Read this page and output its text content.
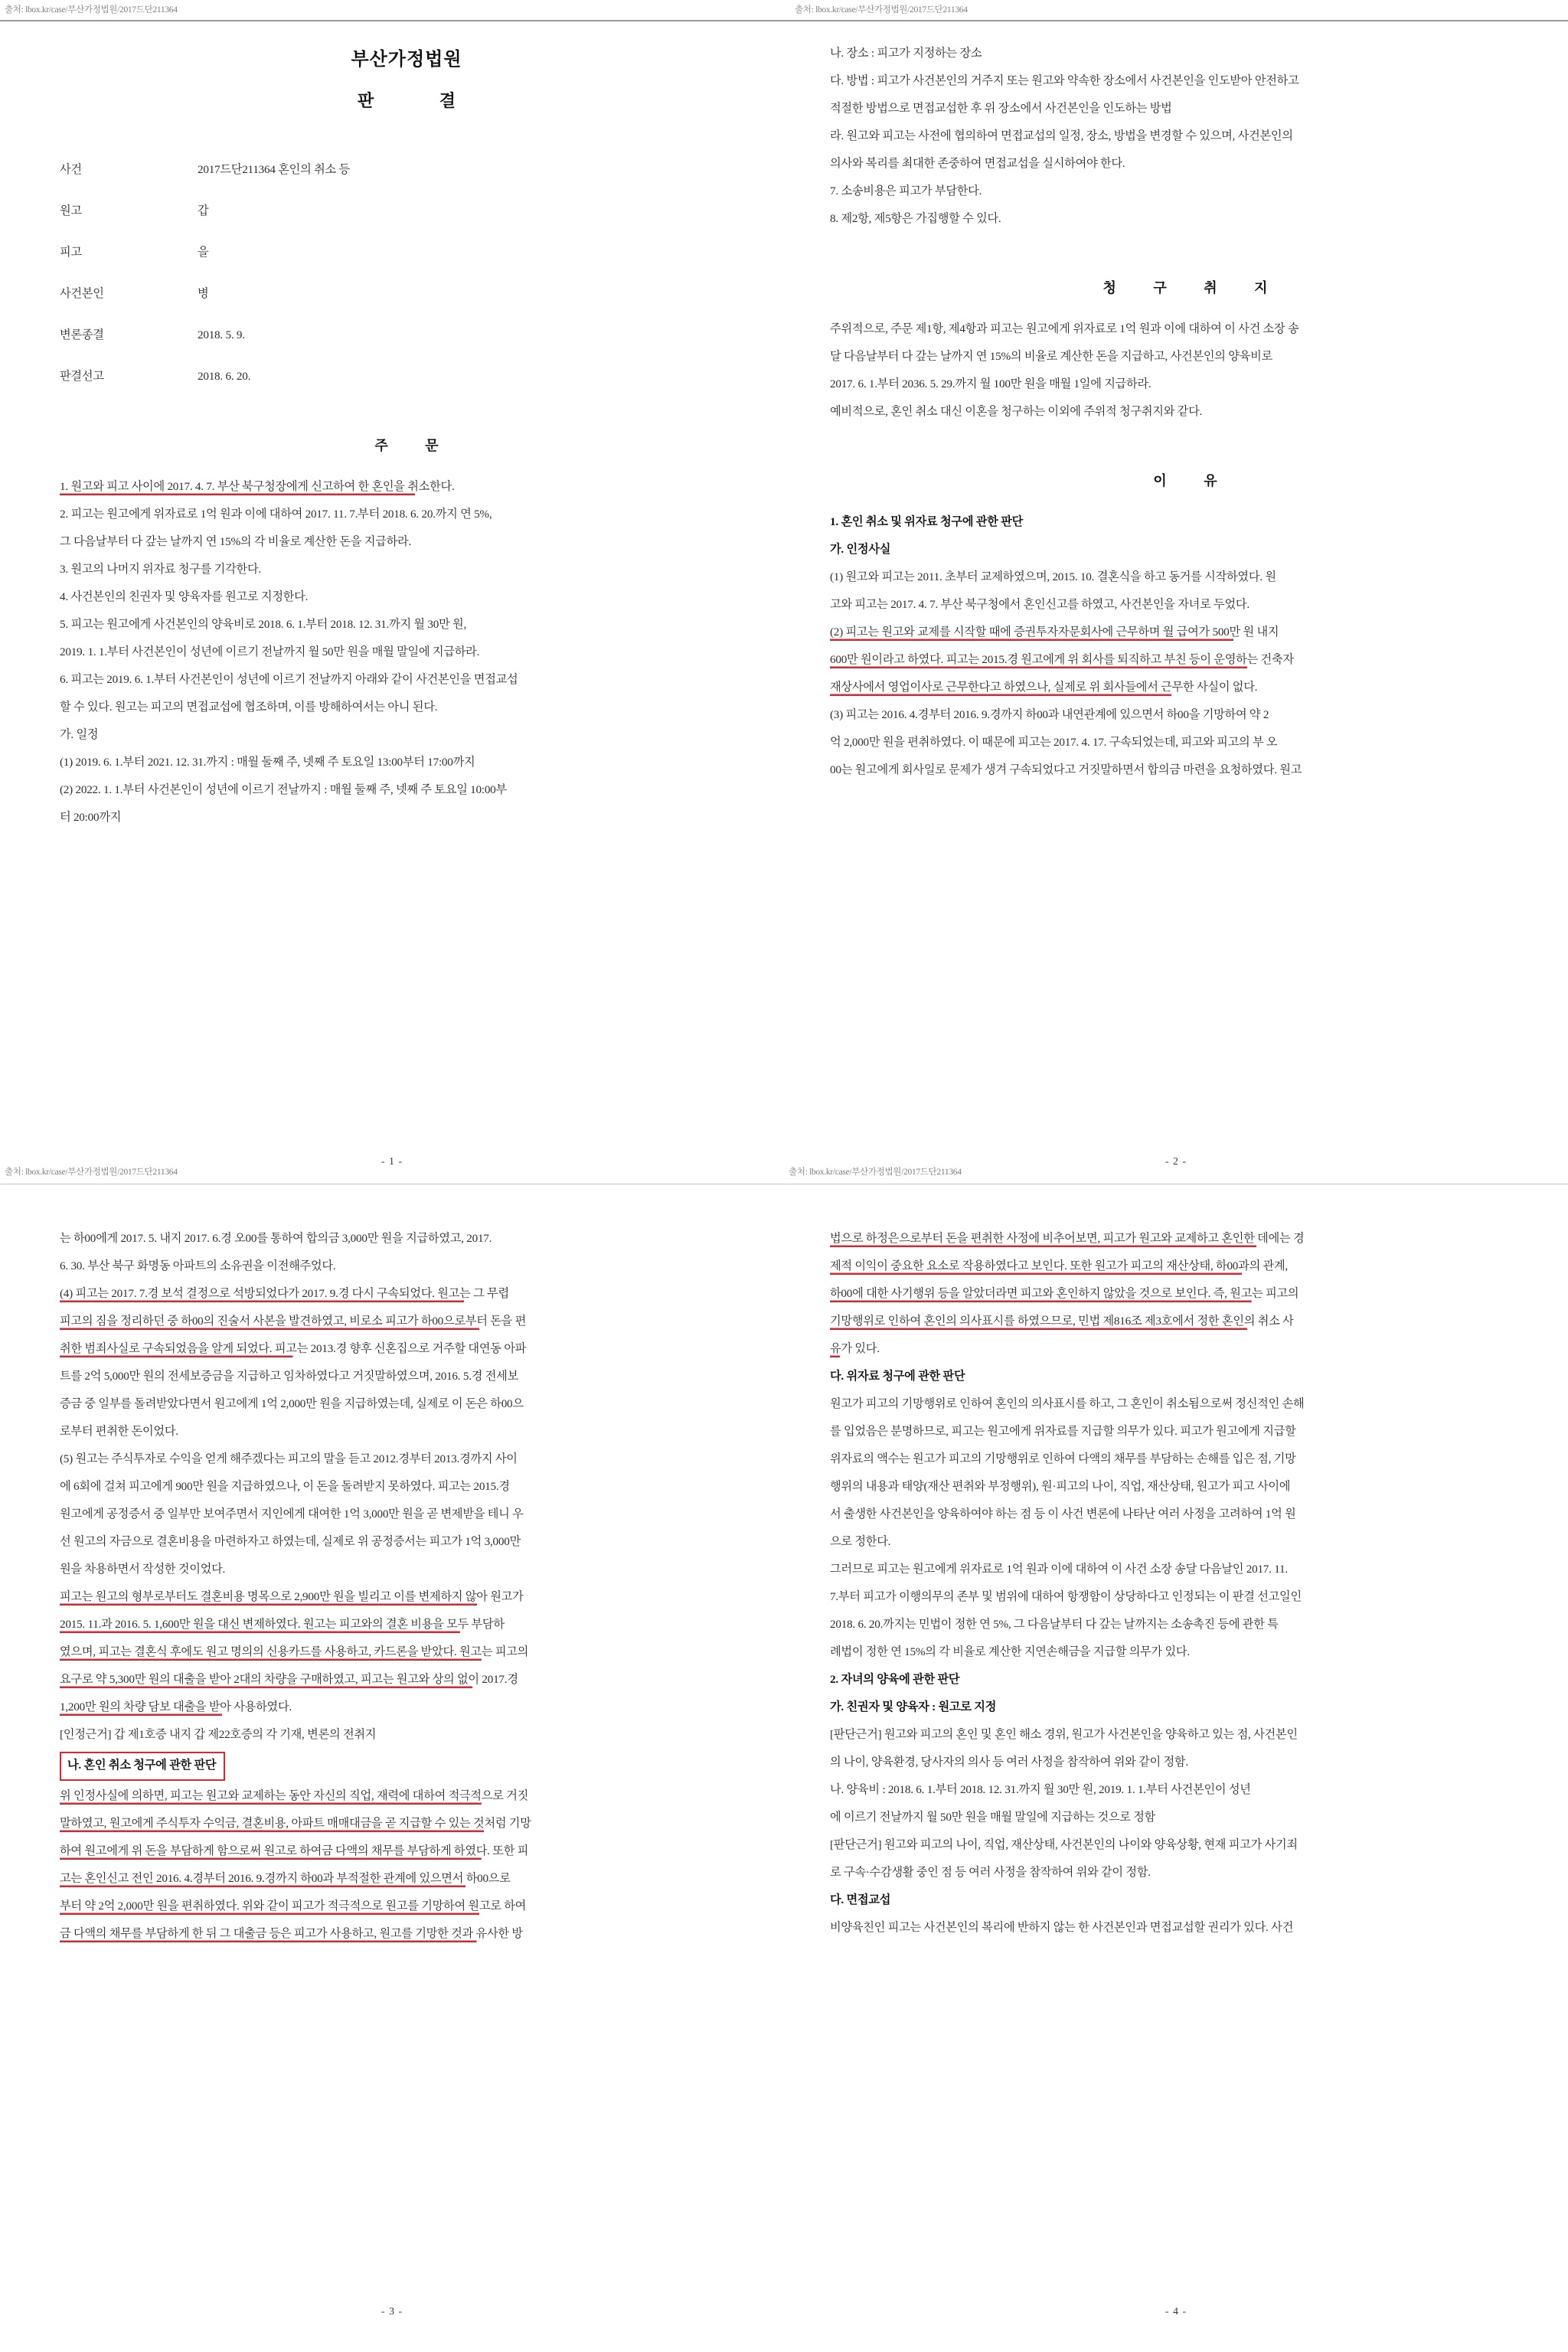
출처: lbox.kr/case/부산가정법원/2017드단211364
부산가정법원
판 결
사건	2017드단211364 혼인의 취소 등
원고	갑
피고	을
사건본인	병
변론종결	2018. 5. 9.
판결선고	2018. 6. 20.
주 문
1. 원고와 피고 사이에 2017. 4. 7. 부산 북구청장에게 신고하여 한 혼인을 취소한다.
2. 피고는 원고에게 위자료로 1억 원과 이에 대하여 2017. 11. 7.부터 2018. 6. 20.까지 연 5%,
그 다음날부터 다 갚는 날까지 연 15%의 각 비율로 계산한 돈을 지급하라.
3. 원고의 나머지 위자료 청구를 기각한다.
4. 사건본인의 친권자 및 양육자를 원고로 지정한다.
5. 피고는 원고에게 사건본인의 양육비로 2018. 6. 1.부터 2018. 12. 31.까지 월 30만 원,
2019. 1. 1.부터 사건본인이 성년에 이르기 전날까지 월 50만 원을 매월 말일에 지급하라.
6. 피고는 2019. 6. 1.부터 사건본인이 성년에 이르기 전날까지 아래와 같이 사건본인을 면접교섭
할 수 있다. 원고는 피고의 면접교섭에 협조하며, 이를 방해하여서는 아니 된다.
가. 일정
(1) 2019. 6. 1.부터 2021. 12. 31.까지 : 매월 둘째 주, 넷째 주 토요일 13:00부터 17:00까지
(2) 2022. 1. 1.부터 사건본인이 성년에 이르기 전날까지 : 매월 둘째 주, 넷째 주 토요일 10:00부
터 20:00까지
- 1 -
출처: lbox.kr/case/부산가정법원/2017드단211364
나. 장소 : 피고가 지정하는 장소
다. 방법 : 피고가 사건본인의 거주지 또는 원고와 약속한 장소에서 사건본인을 인도받아 안전하고
적절한 방법으로 면접교섭한 후 위 장소에서 사건본인을 인도하는 방법
라. 원고와 피고는 사전에 협의하여 면접교섭의 일정, 장소, 방법을 변경할 수 있으며, 사건본인의
의사와 복리를 최대한 존중하여 면접교섭을 실시하여야 한다.
7. 소송비용은 피고가 부담한다.
8. 제2항, 제5항은 가집행할 수 있다.
청 구 취 지
주위적으로, 주문 제1항, 제4항과 피고는 원고에게 위자료로 1억 원과 이에 대하여 이 사건 소장 송
달 다음날부터 다 갚는 날까지 연 15%의 비율로 계산한 돈을 지급하고, 사건본인의 양육비로
2017. 6. 1.부터 2036. 5. 29.까지 월 100만 원을 매월 1일에 지급하라.
예비적으로, 혼인 취소 대신 이혼을 청구하는 이외에 주위적 청구취지와 같다.
이 유
1. 혼인 취소 및 위자료 청구에 관한 판단
가. 인정사실
(1) 원고와 피고는 2011. 초부터 교제하였으며, 2015. 10. 결혼식을 하고 동거를 시작하였다. 원
고와 피고는 2017. 4. 7. 부산 북구청에서 혼인신고를 하였고, 사건본인을 자녀로 두었다.
(2) 피고는 원고와 교제를 시작할 때에 증권투자자문회사에 근무하며 월 급여가 500만 원 내지
600만 원이라고 하였다. 피고는 2015.경 원고에게 위 회사를 퇴직하고 부친 등이 운영하는 건축자
재상사에서 영업이사로 근무한다고 하였으나, 실제로 위 회사들에서 근무한 사실이 없다.
(3) 피고는 2016. 4.경부터 2016. 9.경까지 하00과 내연관계에 있으면서 하00을 기망하여 약 2
억 2,000만 원을 편취하였다. 이 때문에 피고는 2017. 4. 17. 구속되었는데, 피고와 피고의 부 오
00는 원고에게 회사일로 문제가 생겨 구속되었다고 거짓말하면서 합의금 마련을 요청하였다. 원고
- 2 -
는 하00에게 2017. 5. 내지 2017. 6.경 오00를 통하여 합의금 3,000만 원을 지급하였고, 2017.
6. 30. 부산 북구 화명동 아파트의 소유권을 이전해주었다.
(4) 피고는 2017. 7.경 보석 결정으로 석방되었다가 2017. 9.경 다시 구속되었다. 원고는 그 무렵
피고의 짐을 정리하던 중 하00의 진술서 사본을 발견하였고, 비로소 피고가 하00으로부터 돈을 편
취한 범죄사실로 구속되었음을 알게 되었다. 피고는 2013.경 향후 신혼집으로 거주할 대연동 아파
트를 2억 5,000만 원의 전세보증금을 지급하고 임차하였다고 거짓말하였으며, 2016. 5.경 전세보
증금 중 일부를 돌려받았다면서 원고에게 1억 2,000만 원을 지급하였는데, 실제로 이 돈은 하00으
로부터 편취한 돈이었다.
(5) 원고는 주식투자로 수익을 얻게 해주겠다는 피고의 말을 듣고 2012.경부터 2013.경까지 사이
에 6회에 걸쳐 피고에게 900만 원을 지급하였으나, 이 돈을 돌려받지 못하였다. 피고는 2015.경
원고에게 공정증서 중 일부만 보여주면서 지인에게 대여한 1억 3,000만 원을 곧 변제받을 테니 우
선 원고의 자금으로 결혼비용을 마련하자고 하였는데, 실제로 위 공정증서는 피고가 1억 3,000만
원을 차용하면서 작성한 것이었다.
피고는 원고의 형부로부터도 결혼비용 명목으로 2,900만 원을 빌리고 이를 변제하지 않아 원고가
2015. 11.과 2016. 5. 1,600만 원을 대신 변제하였다. 원고는 피고와의 결혼 비용을 모두 부담하
였으며, 피고는 결혼식 후에도 원고 명의의 신용카드를 사용하고, 카드론을 받았다. 원고는 피고의
요구로 약 5,300만 원의 대출을 받아 2대의 차량을 구매하였고, 피고는 원고와 상의 없이 2017.경
1,200만 원의 차량 담보 대출을 받아 사용하였다.
[인정근거] 갑 제1호증 내지 갑 제22호증의 각 기재, 변론의 전취지
나. 혼인 취소 청구에 관한 판단
위 인정사실에 의하면, 피고는 원고와 교제하는 동안 자신의 직업, 재력에 대하여 적극적으로 거짓
말하였고, 원고에게 주식투자 수익금, 결혼비용, 아파트 매매대금을 곧 지급할 수 있는 것처럼 기망
하여 원고에게 위 돈을 부담하게 함으로써 원고로 하여금 다액의 채무를 부담하게 하였다. 또한 피
고는 혼인신고 전인 2016. 4.경부터 2016. 9.경까지 하00과 부적절한 관계에 있으면서 하00으로
부터 약 2억 2,000만 원을 편취하였다. 위와 같이 피고가 적극적으로 원고를 기망하여 원고로 하여
금 다액의 채무를 부담하게 한 뒤 그 대출금 등은 피고가 사용하고, 원고를 기망한 것과 유사한 방
- 3 -
법으로 하정은으로부터 돈을 편취한 사정에 비추어보면, 피고가 원고와 교제하고 혼인한 데에는 경
제적 이익이 중요한 요소로 작용하였다고 보인다. 또한 원고가 피고의 재산상태, 하00과의 관계,
하00에 대한 사기행위 등을 알았더라면 피고와 혼인하지 않았을 것으로 보인다. 즉, 원고는 피고의
기망행위로 인하여 혼인의 의사표시를 하였으므로, 민법 제816조 제3호에서 정한 혼인의 취소 사
유가 있다.
다. 위자료 청구에 관한 판단
원고가 피고의 기망행위로 인하여 혼인의 의사표시를 하고, 그 혼인이 취소됨으로써 정신적인 손해
를 입었음은 분명하므로, 피고는 원고에게 위자료를 지급할 의무가 있다. 피고가 원고에게 지급할
위자료의 액수는 원고가 피고의 기망행위로 인하여 다액의 채무를 부담하는 손해를 입은 점, 기망
행위의 내용과 태양(재산 편취와 부정행위), 원·피고의 나이, 직업, 재산상태, 원고가 피고 사이에
서 출생한 사건본인을 양육하여야 하는 점 등 이 사건 변론에 나타난 여러 사정을 고려하여 1억 원
으로 정한다.
그러므로 피고는 원고에게 위자료로 1억 원과 이에 대하여 이 사건 소장 송달 다음날인 2017. 11.
7.부터 피고가 이행의무의 존부 및 범위에 대하여 항쟁함이 상당하다고 인정되는 이 판결 선고일인
2018. 6. 20.까지는 민법이 정한 연 5%, 그 다음날부터 다 갚는 날까지는 소송촉진 등에 관한 특
례법이 정한 연 15%의 각 비율로 계산한 지연손해금을 지급할 의무가 있다.
2. 자녀의 양육에 관한 판단
가. 친권자 및 양육자 : 원고로 지정
[판단근거] 원고와 피고의 혼인 및 혼인 해소 경위, 원고가 사건본인을 양육하고 있는 점, 사건본인
의 나이, 양육환경, 당사자의 의사 등 여러 사정을 참작하여 위와 같이 정함.
나. 양육비 : 2018. 6. 1.부터 2018. 12. 31.까지 월 30만 원, 2019. 1. 1.부터 사건본인이 성년
에 이르기 전날까지 월 50만 원을 매월 말일에 지급하는 것으로 정함
[판단근거] 원고와 피고의 나이, 직업, 재산상태, 사건본인의 나이와 양육상황, 현재 피고가 사기죄
로 구속·수감생활 중인 점 등 여러 사정을 참작하여 위와 같이 정함.
다. 면접교섭
비양육친인 피고는 사건본인의 복리에 반하지 않는 한 사건본인과 면접교섭할 권리가 있다. 사건
- 4 -
출처: lbox.kr/case/부산가정법원/2017드단211364	출처: lbox.kr/case/부산가정법원/2017드단211364
